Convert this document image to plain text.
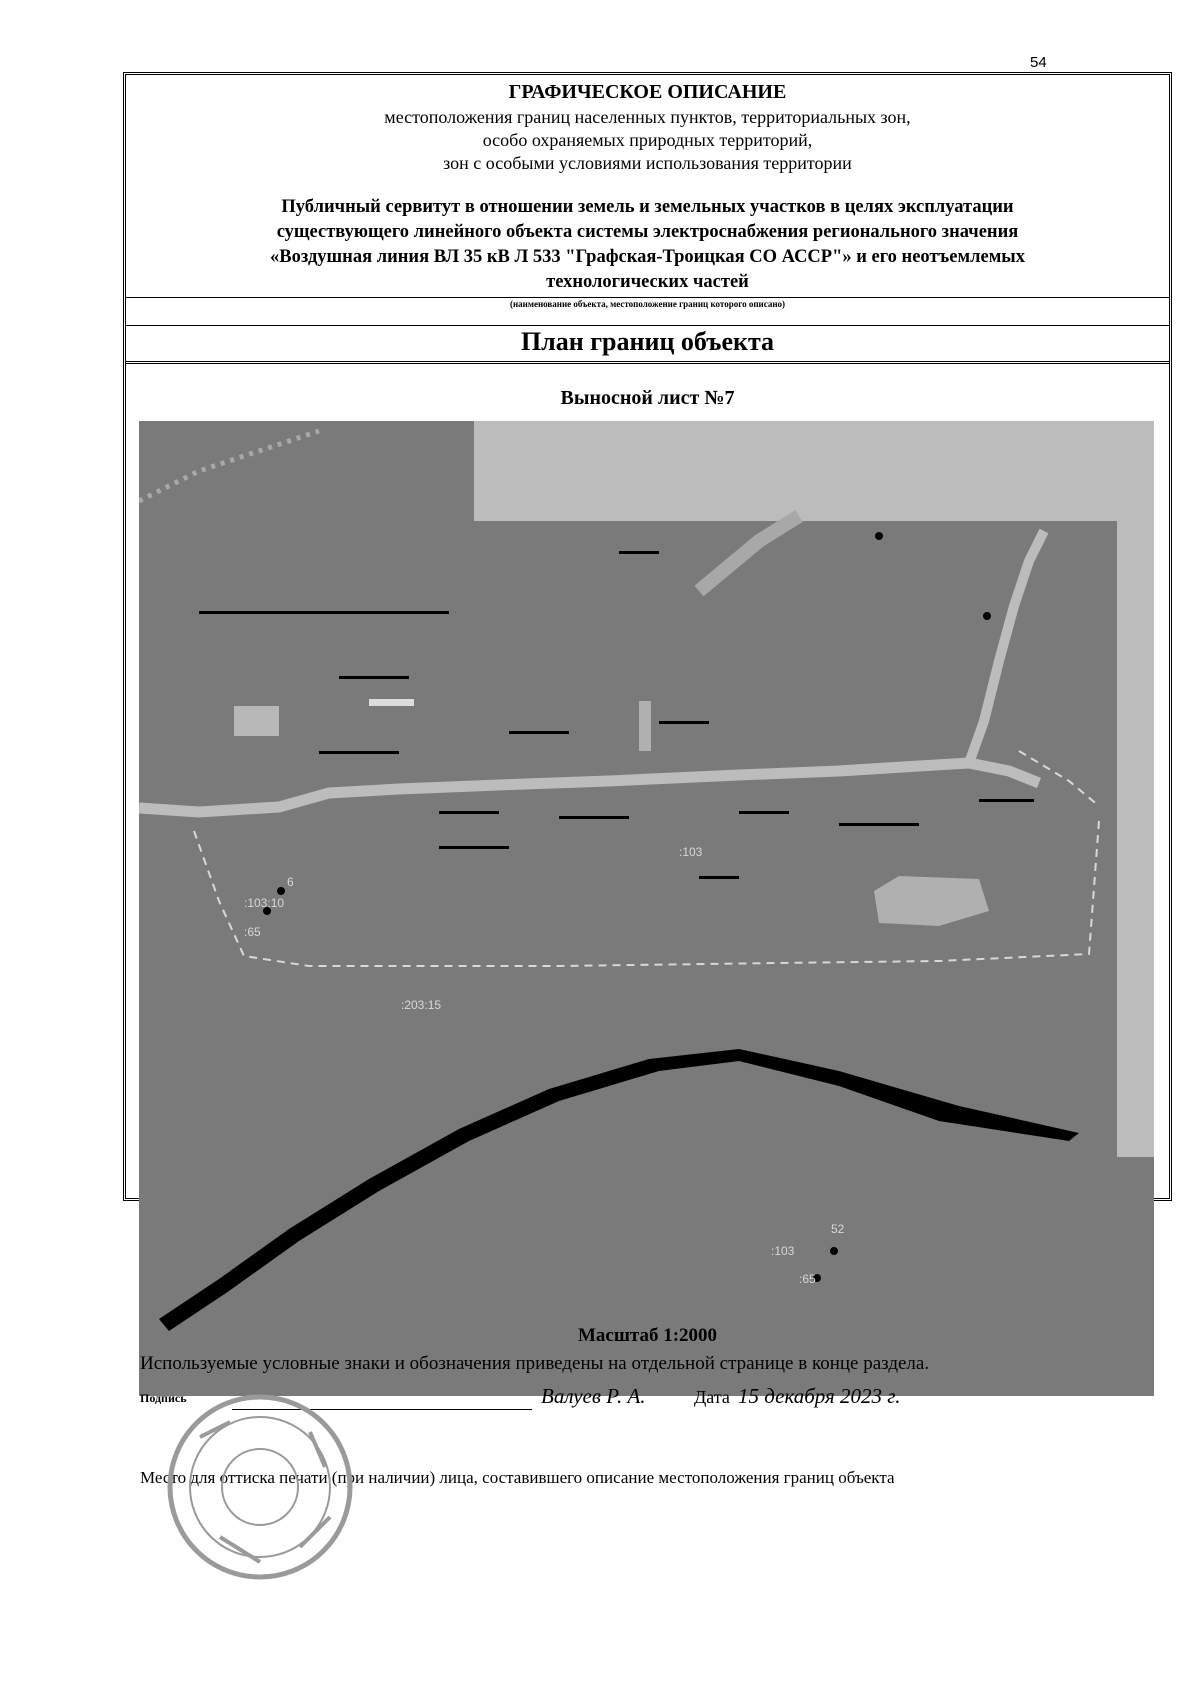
54
ГРАФИЧЕСКОЕ ОПИСАНИЕ
местоположения границ населенных пунктов, территориальных зон,
особо охраняемых природных территорий,
зон с особыми условиями использования территории
Публичный сервитут в отношении земель и земельных участков в целях эксплуатации
существующего линейного объекта системы электроснабжения регионального значения
«Воздушная линия ВЛ 35 кВ Л 533 "Графская-Троицкая СО АССР"» и его неотъемлемых
технологических частей
(наименование объекта, местоположение границ которого описано)
План границ объекта
Выносной лист №7
6
:103:10
:65
:203:15
:103
52
:103
:65
Масштаб 1:2000
Используемые условные знаки и обозначения приведены на отдельной странице в конце раздела.
Подпись	Валуев Р. А.	Дата 15 декабря 2023 г.
Место для оттиска печати (при наличии) лица, составившего описание местоположения границ объекта
